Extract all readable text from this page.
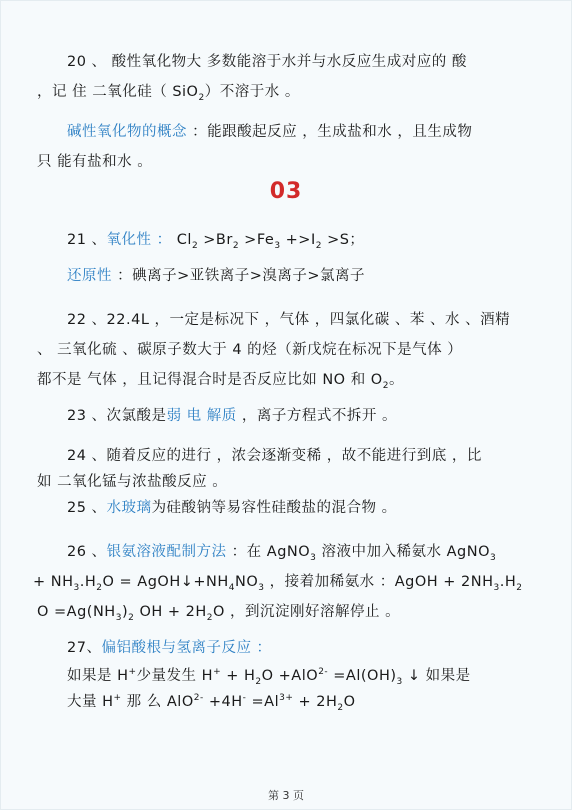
20 、 酸性氧化物大 多数能溶于水并与水反应生成对应的 酸
，记 住 二氧化硅（ SiO$_2$）不溶于水 。
碱性氧化物的概念 ：能跟酸起反应 ，生成盐和水 ，且生成物
只 能有盐和水 。
03
21 、氧化性 ： $Cl_2 >Br_2 >Fe_3 +>I_2 >S$；
还原性 ：碘离子>亚铁离子>溴离子>氯离子
22 、22.4L ，一定是标况下 ，气体 ，四氯化碳 、苯 、水 、酒精
、 三氧化硫 、碳原子数大于 4 的烃（新戊烷在标况下是气体 ）
都不是 气体 ，且记得混合时是否反应比如 NO 和 $O_2$。
23 、次氯酸是弱 电 解质 ，离子方程式不拆开 。
24 、随着反应的进行 ，浓会逐渐变稀 ，故不能进行到底 ，比
如 二氧化锰与浓盐酸反应 。
25 、水玻璃为硅酸钠等易容性硅酸盐的混合物 。
26 、银氨溶液配制方法 ：在 AgNO$_3$ 溶液中加入稀氨水 AgNO$_3$
+ $NH_3.H_2O$ = $AgOH↓+NH_4NO_3$ ，接着加稀氨水 ：AgOH + $2NH_3.H_2$
$O =Ag(NH_3)_2$ OH + $2H_2O$ ，到沉淀刚好溶解停止 。
27、偏铝酸根与氢离子反应 ：
如果是 H+少量发生 $H^+ + H_2O +AlO^{2-} =Al(OH)_3$ ↓ 如果是
大量 H+ 那 么 $AlO^{2-} +4H^- =Al^{3+} + 2H_2O$
第 3 页
